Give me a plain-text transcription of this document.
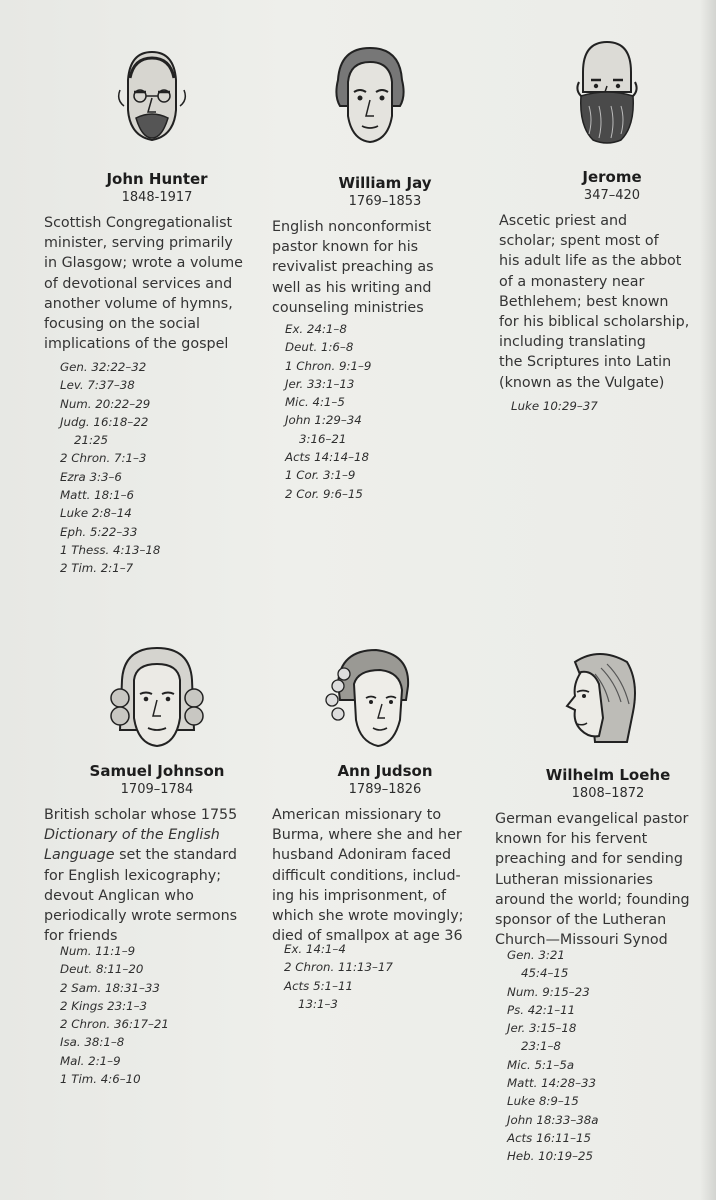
John Hunter
1848-1917
Scottish Congregationalist
minister, serving primarily
in Glasgow; wrote a volume
of devotional services and
another volume of hymns,
focusing on the social
implications of the gospel
Gen. 32:22–32
Lev. 7:37–38
Num. 20:22–29
Judg. 16:18–22
21:25
2 Chron. 7:1–3
Ezra 3:3–6
Matt. 18:1–6
Luke 2:8–14
Eph. 5:22–33
1 Thess. 4:13–18
2 Tim. 2:1–7
William Jay
1769–1853
English nonconformist
pastor known for his
revivalist preaching as
well as his writing and
counseling ministries
Ex. 24:1–8
Deut. 1:6–8
1 Chron. 9:1–9
Jer. 33:1–13
Mic. 4:1–5
John 1:29–34
3:16–21
Acts 14:14–18
1 Cor. 3:1–9
2 Cor. 9:6–15
Jerome
347–420
Ascetic priest and
scholar; spent most of
his adult life as the abbot
of a monastery near
Bethlehem; best known
for his biblical scholarship,
including translating
the Scriptures into Latin
(known as the Vulgate)
Luke 10:29–37
Samuel Johnson
1709–1784
British scholar whose 1755
Dictionary of the English
Language set the standard
for English lexicography;
devout Anglican who
periodically wrote sermons
for friends
Num. 11:1–9
Deut. 8:11–20
2 Sam. 18:31–33
2 Kings 23:1–3
2 Chron. 36:17–21
Isa. 38:1–8
Mal. 2:1–9
1 Tim. 4:6–10
Ann Judson
1789–1826
American missionary to
Burma, where she and her
husband Adoniram faced
difficult conditions, includ-
ing his imprisonment, of
which she wrote movingly;
died of smallpox at age 36
Ex. 14:1–4
2 Chron. 11:13–17
Acts 5:1–11
13:1–3
Wilhelm Loehe
1808–1872
German evangelical pastor
known for his fervent
preaching and for sending
Lutheran missionaries
around the world; founding
sponsor of the Lutheran
Church—Missouri Synod
Gen. 3:21
45:4–15
Num. 9:15–23
Ps. 42:1–11
Jer. 3:15–18
23:1–8
Mic. 5:1–5a
Matt. 14:28–33
Luke 8:9–15
John 18:33–38a
Acts 16:11–15
Heb. 10:19–25
